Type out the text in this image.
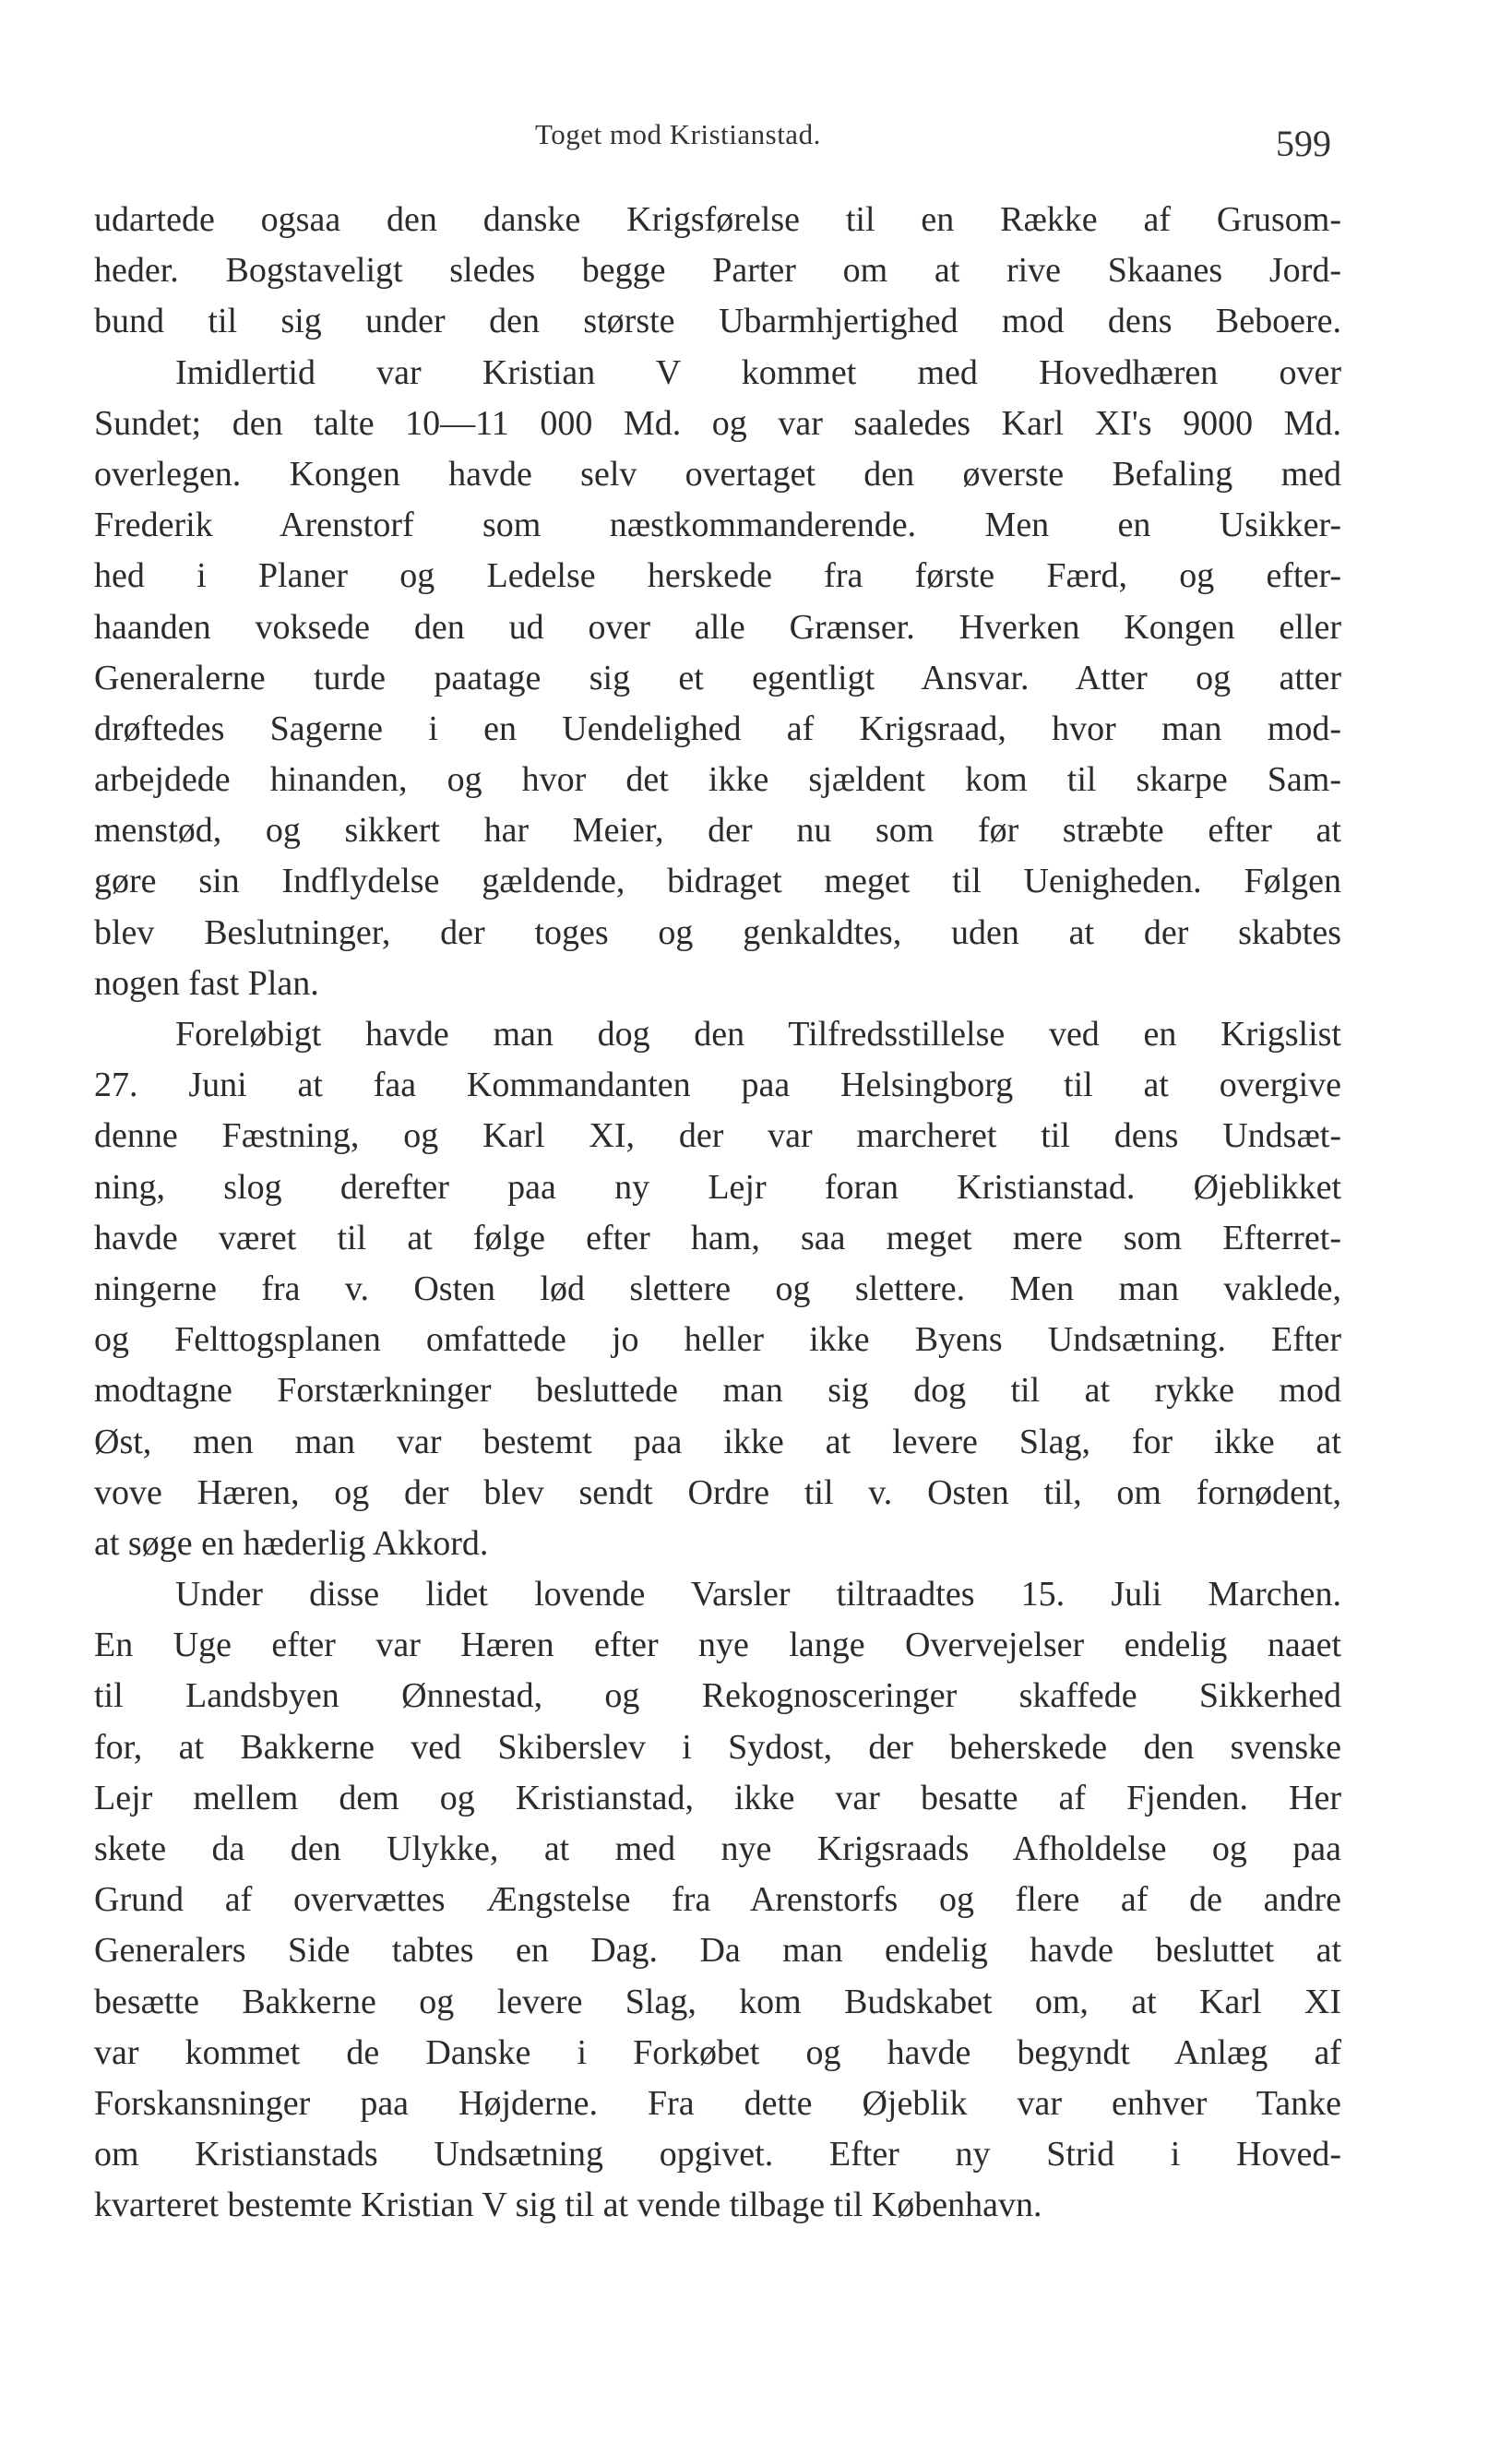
Toget mod Kristianstad.	599
udartede ogsaa den danske Krigsførelse til en Række af Grusom-
heder. Bogstaveligt sledes begge Parter om at rive Skaanes Jord-
bund til sig under den største Ubarmhjertighed mod dens Beboere.
Imidlertid var Kristian V kommet med Hovedhæren over
Sundet; den talte 10—11 000 Md. og var saaledes Karl XI's 9000 Md.
overlegen. Kongen havde selv overtaget den øverste Befaling med
Frederik Arenstorf som næstkommanderende. Men en Usikker-
hed i Planer og Ledelse herskede fra første Færd, og efter-
haanden voksede den ud over alle Grænser. Hverken Kongen eller
Generalerne turde paatage sig et egentligt Ansvar. Atter og atter
drøftedes Sagerne i en Uendelighed af Krigsraad, hvor man mod-
arbejdede hinanden, og hvor det ikke sjældent kom til skarpe Sam-
menstød, og sikkert har Meier, der nu som før stræbte efter at
gøre sin Indflydelse gældende, bidraget meget til Uenigheden. Følgen
blev Beslutninger, der toges og genkaldtes, uden at der skabtes
nogen fast Plan.
Foreløbigt havde man dog den Tilfredsstillelse ved en Krigslist
27. Juni at faa Kommandanten paa Helsingborg til at overgive
denne Fæstning, og Karl XI, der var marcheret til dens Undsæt-
ning, slog derefter paa ny Lejr foran Kristianstad. Øjeblikket
havde været til at følge efter ham, saa meget mere som Efterret-
ningerne fra v. Osten lød slettere og slettere. Men man vaklede,
og Felttogsplanen omfattede jo heller ikke Byens Undsætning. Efter
modtagne Forstærkninger besluttede man sig dog til at rykke mod
Øst, men man var bestemt paa ikke at levere Slag, for ikke at
vove Hæren, og der blev sendt Ordre til v. Osten til, om fornødent,
at søge en hæderlig Akkord.
Under disse lidet lovende Varsler tiltraadtes 15. Juli Marchen.
En Uge efter var Hæren efter nye lange Overvejelser endelig naaet
til Landsbyen Ønnestad, og Rekognosceringer skaffede Sikkerhed
for, at Bakkerne ved Skiberslev i Sydost, der beherskede den svenske
Lejr mellem dem og Kristianstad, ikke var besatte af Fjenden. Her
skete da den Ulykke, at med nye Krigsraads Afholdelse og paa
Grund af overvættes Ængstelse fra Arenstorfs og flere af de andre
Generalers Side tabtes en Dag. Da man endelig havde besluttet at
besætte Bakkerne og levere Slag, kom Budskabet om, at Karl XI
var kommet de Danske i Forkøbet og havde begyndt Anlæg af
Forskansninger paa Højderne. Fra dette Øjeblik var enhver Tanke
om Kristianstads Undsætning opgivet. Efter ny Strid i Hoved-
kvarteret bestemte Kristian V sig til at vende tilbage til København.
